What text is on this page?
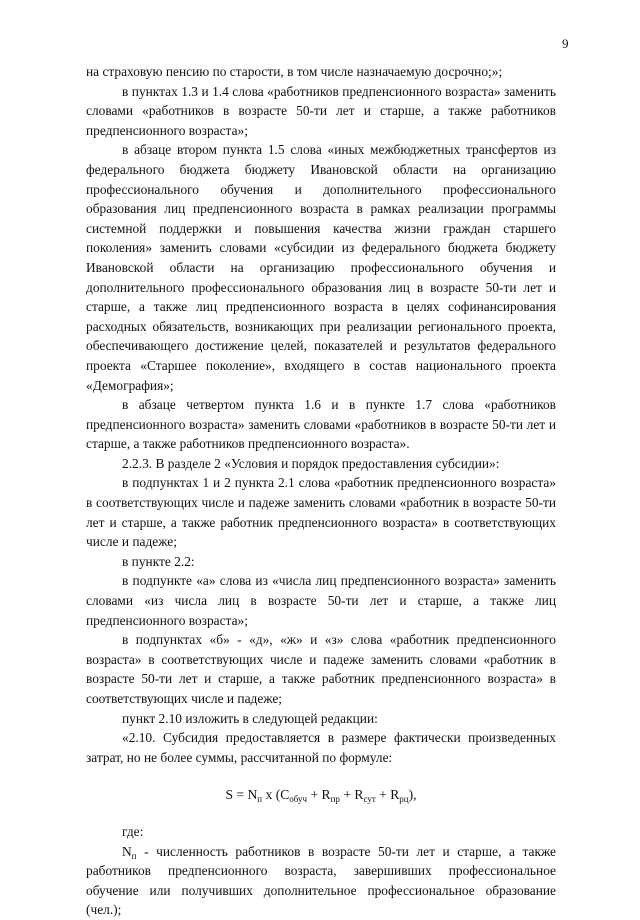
9

на страховую пенсию по старости, в том числе назначаемую досрочно;»;

в пунктах 1.3 и 1.4 слова «работников предпенсионного возраста» заменить словами «работников в возрасте 50-ти лет и старше, а также работников предпенсионного возраста»;

в абзаце втором пункта 1.5 слова «иных межбюджетных трансфертов из федерального бюджета бюджету Ивановской области на организацию профессионального обучения и дополнительного профессионального образования лиц предпенсионного возраста в рамках реализации программы системной поддержки и повышения качества жизни граждан старшего поколения» заменить словами «субсидии из федерального бюджета бюджету Ивановской области на организацию профессионального обучения и дополнительного профессионального образования лиц в возрасте 50-ти лет и старше, а также лиц предпенсионного возраста в целях софинансирования расходных обязательств, возникающих при реализации регионального проекта, обеспечивающего достижение целей, показателей и результатов федерального проекта «Старшее поколение», входящего в состав национального проекта «Демография»;

в абзаце четвертом пункта 1.6 и в пункте 1.7 слова «работников предпенсионного возраста» заменить словами «работников в возрасте 50-ти лет и старше, а также работников предпенсионного возраста».

2.2.3. В разделе 2 «Условия и порядок предоставления субсидии»:

в подпунктах 1 и 2 пункта 2.1 слова «работник предпенсионного возраста» в соответствующих числе и падеже заменить словами «работник в возрасте 50-ти лет и старше, а также работник предпенсионного возраста» в соответствующих числе и падеже;

в пункте 2.2:

в подпункте «а» слова из «числа лиц предпенсионного возраста» заменить словами «из числа лиц в возрасте 50-ти лет и старше, а также лиц предпенсионного возраста»;

в подпунктах «б» - «д», «ж» и «з» слова «работник предпенсионного возраста» в соответствующих числе и падеже заменить словами «работник в возрасте 50-ти лет и старше, а также работник предпенсионного возраста» в соответствующих числе и падеже;

пункт 2.10 изложить в следующей редакции:

«2.10. Субсидия предоставляется в размере фактически произведенных затрат, но не более суммы, рассчитанной по формуле:

$S = N_п$ x $(C_{обуч} + R_{пр} + R_{сут} + R_{рц})$,

где:

$N_п$ - численность работников в возрасте 50-ти лет и старше, а также работников предпенсионного возраста, завершивших профессиональное обучение или получивших дополнительное профессиональное образование (чел.);
